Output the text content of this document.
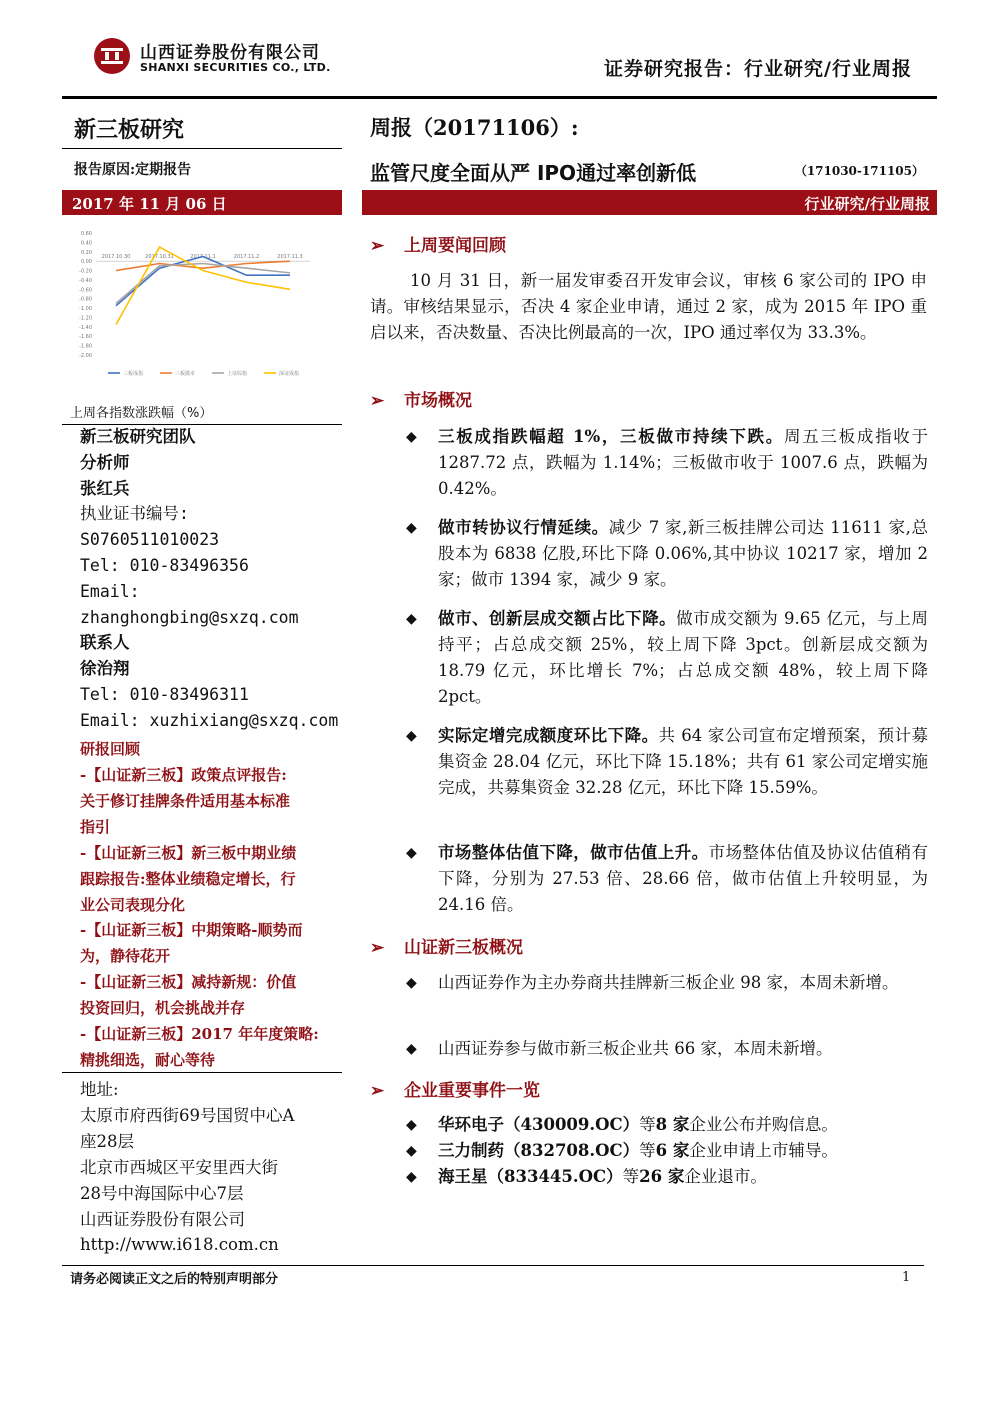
山西证券股份有限公司
SHANXI SECURITIES CO., LTD.	证券研究报告：行业研究/行业周报
新三板研究
报告原因:定期报告
2017 年 11 月 06 日
周报（20171106）:
监管尺度全面从严 IPO通过率创新低	（171030-171105）
行业研究/行业周报
0.60
0.40
0.20
0.00
-0.20
-0.40
-0.60
-0.80
-1.00
-1.20
-1.40
-1.60
-1.80
-2.00
2017.10.30	2017.10.31	2017.11.1	2017.11.2	2017.11.3
三板成指	三板做市	上证综指	深证成指
上周各指数涨跌幅（%）
新三板研究团队
分析师
张红兵
执业证书编号:
S0760511010023
Tel: 010-83496356
Email:
zhanghongbing@sxzq.com
联系人
徐治翔
Tel: 010-83496311
Email: xuzhixiang@sxzq.com
研报回顾
-【山证新三板】政策点评报告:
关于修订挂牌条件适用基本标准
指引
-【山证新三板】新三板中期业绩
跟踪报告:整体业绩稳定增长，行
业公司表现分化
-【山证新三板】中期策略-顺势而
为，静待花开
-【山证新三板】减持新规：价值
投资回归，机会挑战并存
-【山证新三板】2017 年年度策略:
精挑细选，耐心等待
地址:
太原市府西街69号国贸中心A
座28层
北京市西城区平安里西大街
28号中海国际中心7层
山西证券股份有限公司
http://www.i618.com.cn
➢ 上周要闻回顾
10 月 31 日，新一届发审委召开发审会议，审核 6 家公司的 IPO 申请。审核结果显示，否决 4 家企业申请，通过 2 家，成为 2015 年 IPO 重启以来，否决数量、否决比例最高的一次，IPO 通过率仅为 33.3%。
➢ 市场概况
◆ 三板成指跌幅超 1%，三板做市持续下跌。周五三板成指收于 1287.72 点，跌幅为 1.14%；三板做市收于 1007.6 点，跌幅为 0.42%。
◆ 做市转协议行情延续。减少 7 家,新三板挂牌公司达 11611 家,总股本为 6838 亿股,环比下降 0.06%,其中协议 10217 家，增加 2 家；做市 1394 家，减少 9 家。
◆ 做市、创新层成交额占比下降。做市成交额为 9.65 亿元，与上周持平；占总成交额 25%，较上周下降 3pct。创新层成交额为 18.79 亿元，环比增长 7%；占总成交额 48%，较上周下降 2pct。
◆ 实际定增完成额度环比下降。共 64 家公司宣布定增预案，预计募集资金 28.04 亿元，环比下降 15.18%；共有 61 家公司定增实施完成，共募集资金 32.28 亿元，环比下降 15.59%。
◆ 市场整体估值下降，做市估值上升。市场整体估值及协议估值稍有下降，分别为 27.53 倍、28.66 倍，做市估值上升较明显，为 24.16 倍。
➢ 山证新三板概况
◆ 山西证券作为主办券商共挂牌新三板企业 98 家，本周未新增。
◆ 山西证券参与做市新三板企业共 66 家，本周未新增。
➢ 企业重要事件一览
◆ 华环电子（430009.OC）等8 家企业公布并购信息。
◆ 三力制药（832708.OC）等6 家企业申请上市辅导。
◆ 海王星（833445.OC）等26 家企业退市。
请务必阅读正文之后的特别声明部分	1
